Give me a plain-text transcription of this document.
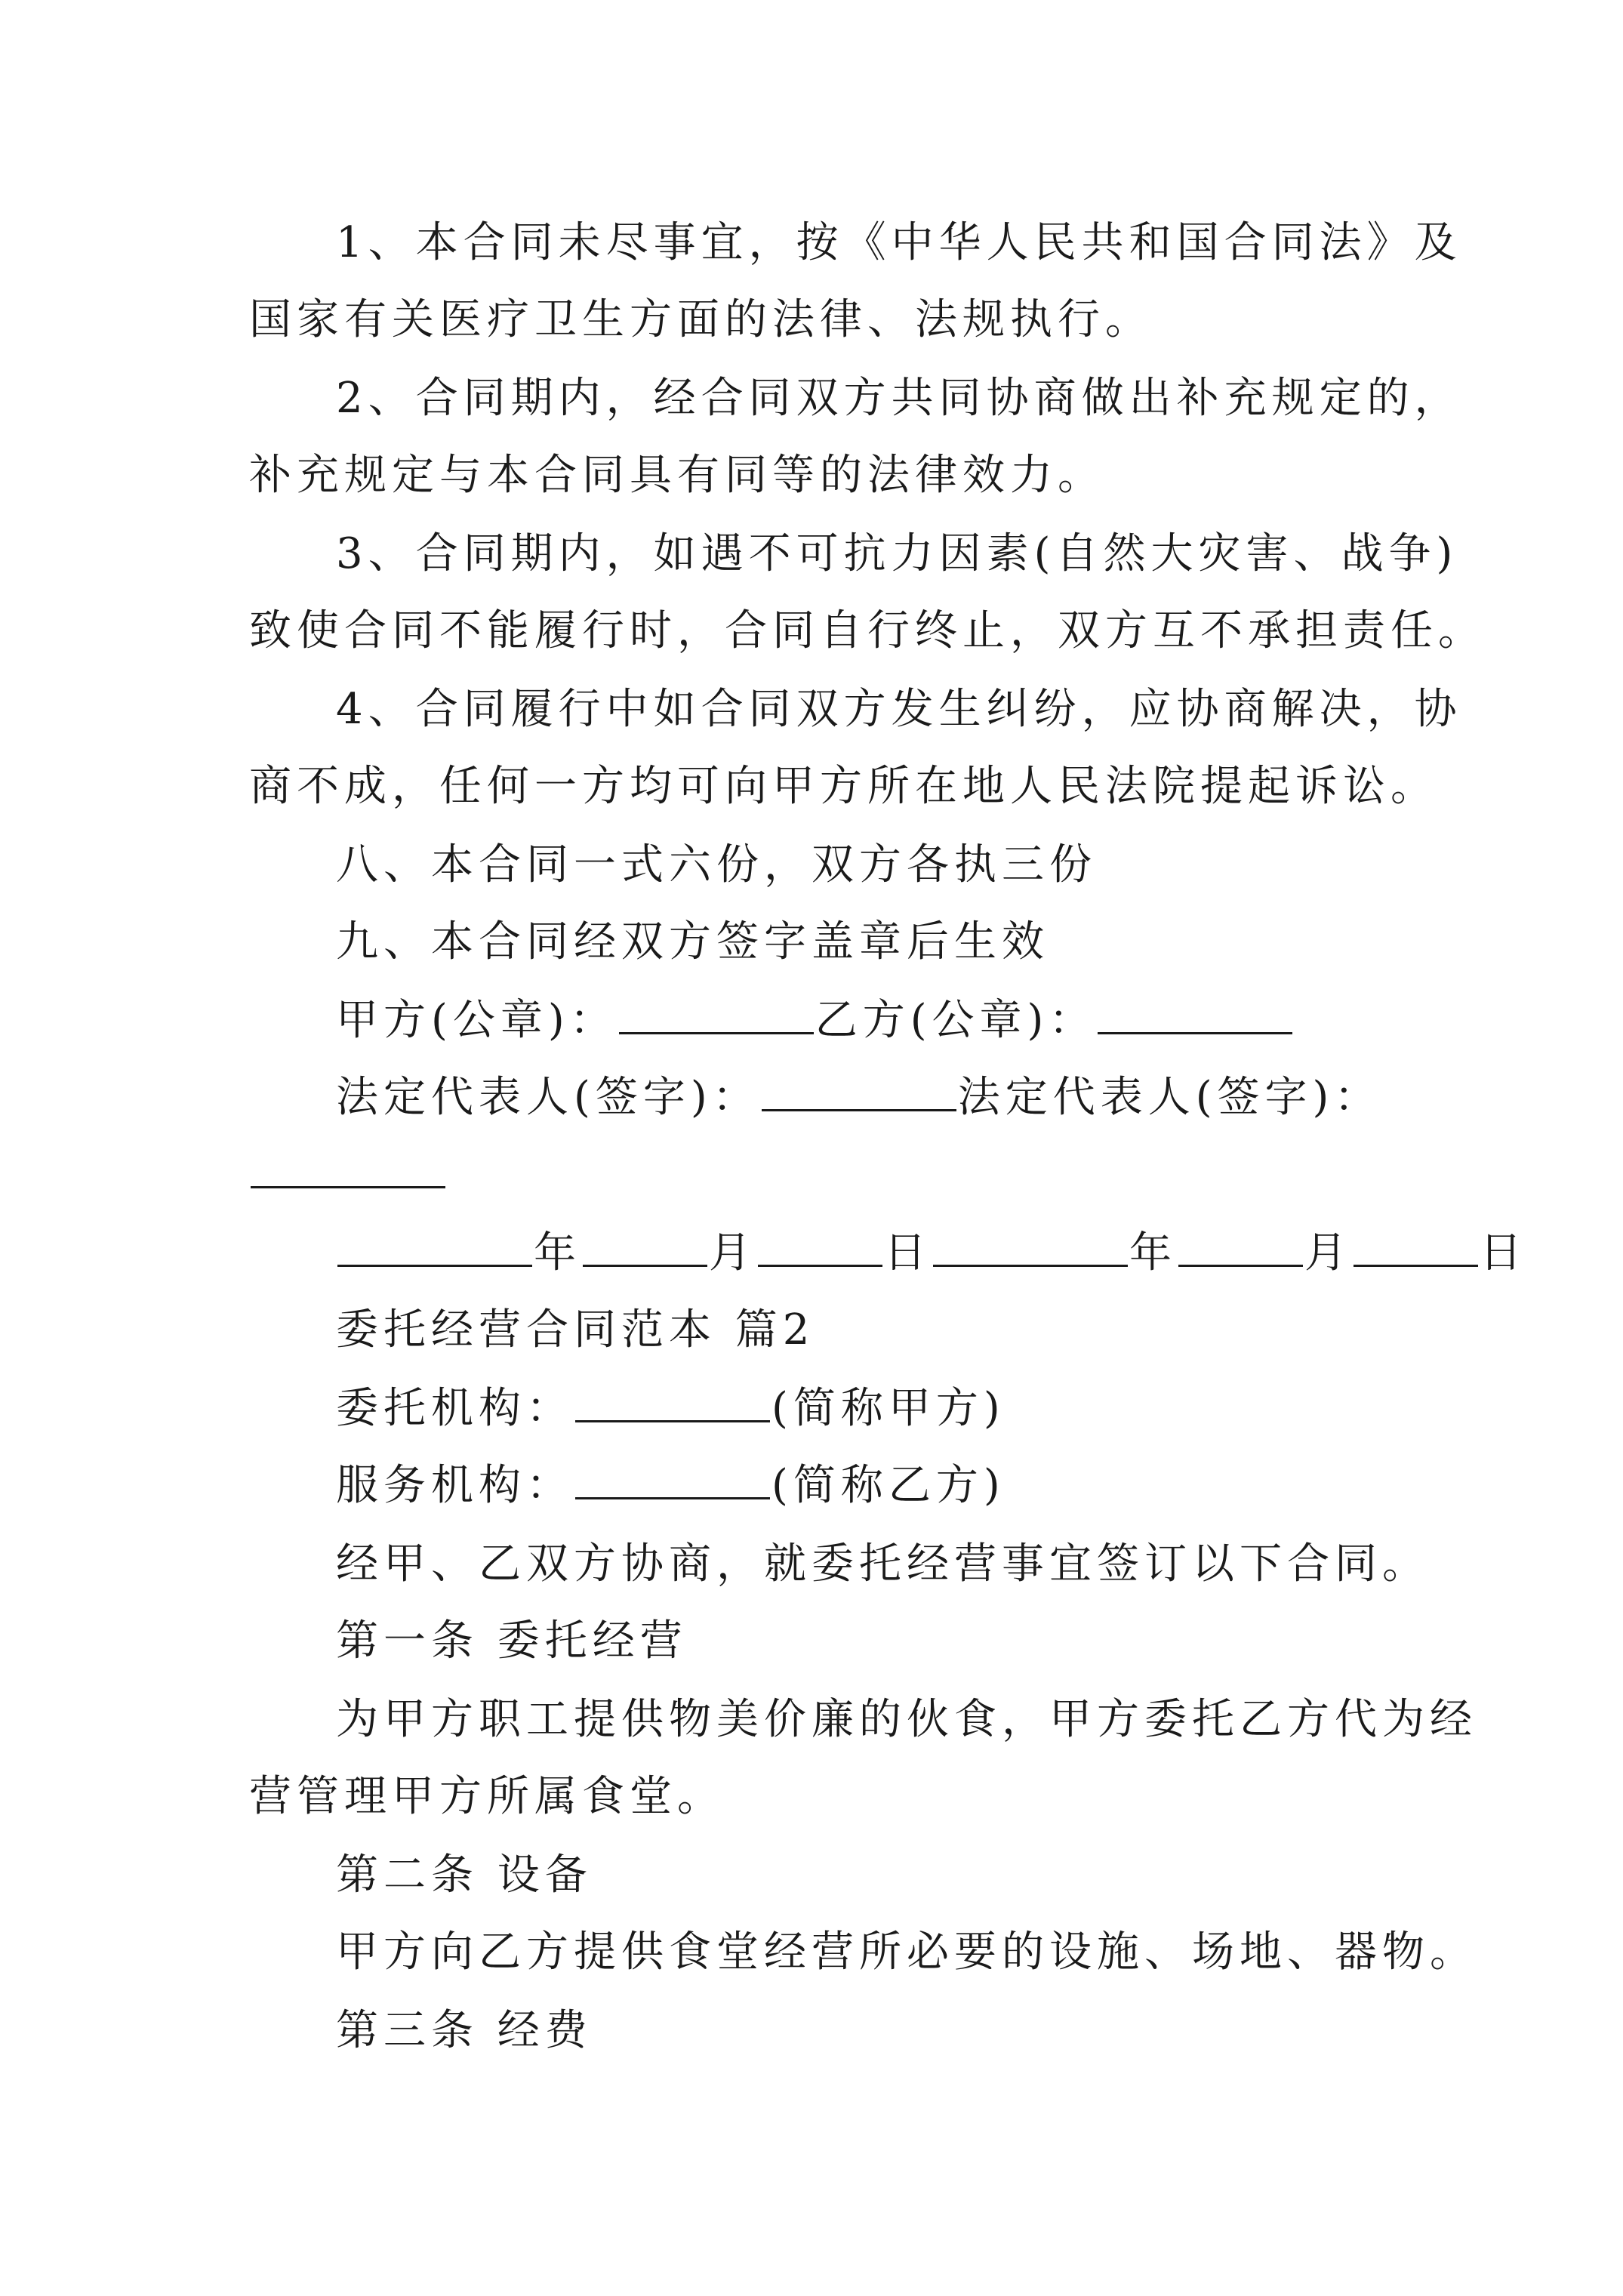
1、本合同未尽事宜，按《中华人民共和国合同法》及
国家有关医疗卫生方面的法律、法规执行。
2、合同期内，经合同双方共同协商做出补充规定的，
补充规定与本合同具有同等的法律效力。
3、合同期内，如遇不可抗力因素(自然大灾害、战争)
致使合同不能履行时，合同自行终止，双方互不承担责任。
4、合同履行中如合同双方发生纠纷，应协商解决，协
商不成，任何一方均可向甲方所在地人民法院提起诉讼。
八、本合同一式六份，双方各执三份
九、本合同经双方签字盖章后生效
甲方(公章)：	乙方(公章)：
法定代表人(签字)：	法定代表人(签字)：
年	月	日	年	月	日
委托经营合同范本 篇2
委托机构：	(简称甲方)
服务机构：	(简称乙方)
经甲、乙双方协商，就委托经营事宜签订以下合同。
第一条 委托经营
为甲方职工提供物美价廉的伙食，甲方委托乙方代为经
营管理甲方所属食堂。
第二条 设备
甲方向乙方提供食堂经营所必要的设施、场地、器物。
第三条 经费
